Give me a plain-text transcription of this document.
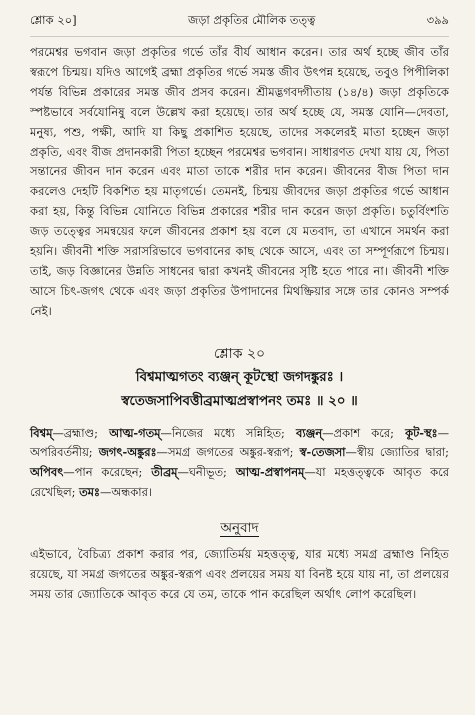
শ্লোক ২০]	জড়া প্রকৃতির মৌলিক তত্ত্ব	৩৯৯

পরমেশ্বর ভগবান জড়া প্রকৃতির গর্ভে তাঁর বীর্য আধান করেন। তার অর্থ হচ্ছে জীব তাঁর স্বরূপে চিন্ময়। যদিও আগেই ব্রহ্মা প্রকৃতির গর্ভে সমস্ত জীব উৎপন্ন হয়েছে, তবুও পিপীলিকা পর্যন্ত বিভিন্ন প্রকারের সমস্ত জীব প্রসব করেন। শ্রীমদ্ভগবদ্গীতায় (১৪/৪) জড়া প্রকৃতিকে স্পষ্টভাবে সর্বযোনিষু বলে উল্লেখ করা হয়েছে। তার অর্থ হচ্ছে যে, সমস্ত যোনি—দেবতা, মনুষ্য, পশু, পক্ষী, আদি যা কিছু প্রকাশিত হয়েছে, তাদের সকলেরই মাতা হচ্ছেন জড়া প্রকৃতি, এবং বীজ প্রদানকারী পিতা হচ্ছেন পরমেশ্বর ভগবান। সাধারণত দেখা যায় যে, পিতা সন্তানের জীবন দান করেন এবং মাতা তাকে শরীর দান করেন। জীবনের বীজ পিতা দান করলেও দেহটি বিকশিত হয় মাতৃগর্ভে। তেমনই, চিন্ময় জীবদের জড়া প্রকৃতির গর্ভে আধান করা হয়, কিন্তু বিভিন্ন যোনিতে বিভিন্ন প্রকারের শরীর দান করেন জড়া প্রকৃতি। চতুর্বিংশতি জড় তত্ত্বের সমন্বয়ের ফলে জীবনের প্রকাশ হয় বলে যে মতবাদ, তা এখানে সমর্থন করা হয়নি। জীবনী শক্তি সরাসরিভাবে ভগবানের কাছ থেকে আসে, এবং তা সম্পূর্ণরূপে চিন্ময়। তাই, জড় বিজ্ঞানের উন্নতি সাধনের দ্বারা কখনই জীবনের সৃষ্টি হতে পারে না। জীবনী শক্তি আসে চিৎ-জগৎ থেকে এবং জড়া প্রকৃতির উপাদানের মিথষ্ক্রিয়ার সঙ্গে তার কোনও সম্পর্ক নেই।

শ্লোক ২০
বিশ্বমাত্মগতং ব্যঞ্জন্ কূটস্থো জগদঙ্কুরঃ ।
স্বতেজসাপিবত্তীব্রমাত্মপ্রস্বাপনং তমঃ ॥ ২০ ॥

বিশ্বম্—ব্রহ্মাণ্ড; আত্ম-গতম্—নিজের মধ্যে সন্নিহিত; ব্যঞ্জন্—প্রকাশ করে; কূট-স্থঃ—অপরিবর্তনীয়; জগৎ-অঙ্কুরঃ—সমগ্র জগতের অঙ্কুর-স্বরূপ; স্ব-তেজসা—স্বীয় জ্যোতির দ্বারা; অপিবৎ—পান করেছেন; তীব্রম্—ঘনীভূত; আত্ম-প্রস্বাপনম্—যা মহত্তত্ত্বকে আবৃত করে রেখেছিল; তমঃ—অন্ধকার।

অনুবাদ

এইভাবে, বৈচিত্র্য প্রকাশ করার পর, জ্যোতির্ময় মহত্তত্ত্ব, যার মধ্যে সমগ্র ব্রহ্মাণ্ড নিহিত রয়েছে, যা সমগ্র জগতের অঙ্কুর-স্বরূপ এবং প্রলয়ের সময় যা বিনষ্ট হয়ে যায় না, তা প্রলয়ের সময় তার জ্যোতিকে আবৃত করে যে তম, তাকে পান করেছিল অর্থাৎ লোপ করেছিল।
